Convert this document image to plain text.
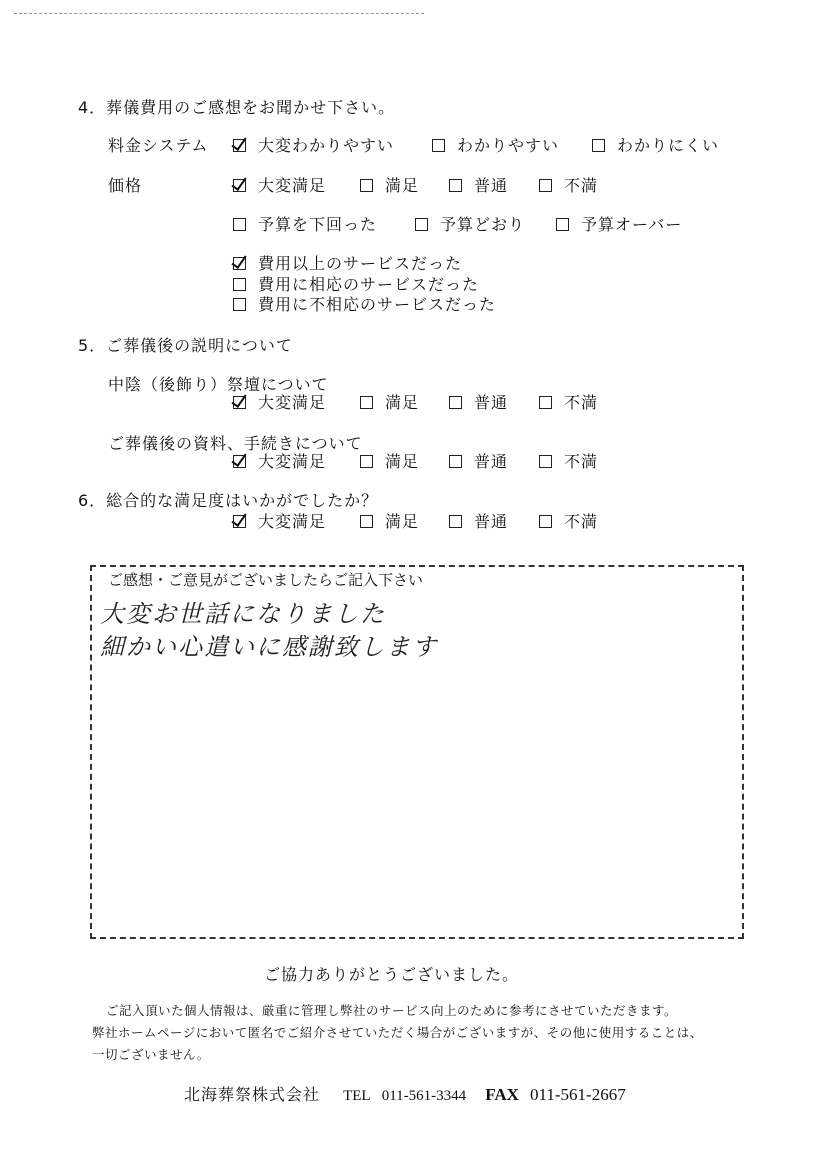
4．葬儀費用のご感想をお聞かせ下さい。
料金システム	大変わかりやすい	わかりやすい	わかりにくい
価格	大変満足	満足	普通	不満
予算を下回った	予算どおり	予算オーバー
費用以上のサービスだった
費用に相応のサービスだった
費用に不相応のサービスだった
5．ご葬儀後の説明について
中陰（後飾り）祭壇について
大変満足	満足	普通	不満
ご葬儀後の資料、手続きについて
大変満足	満足	普通	不満
6．総合的な満足度はいかがでしたか？
大変満足	満足	普通	不満
ご感想・ご意見がございましたらご記入下さい
大変お世話になりました
細かい心遣いに感謝致します
ご協力ありがとうございました。
ご記入頂いた個人情報は、厳重に管理し弊社のサービス向上のために参考にさせていただきます。
弊社ホームページにおいて匿名でご紹介させていただく場合がございますが、その他に使用することは、
一切ございません。
北海葬祭株式会社 TEL 011-561-3344 FAX 011-561-2667
